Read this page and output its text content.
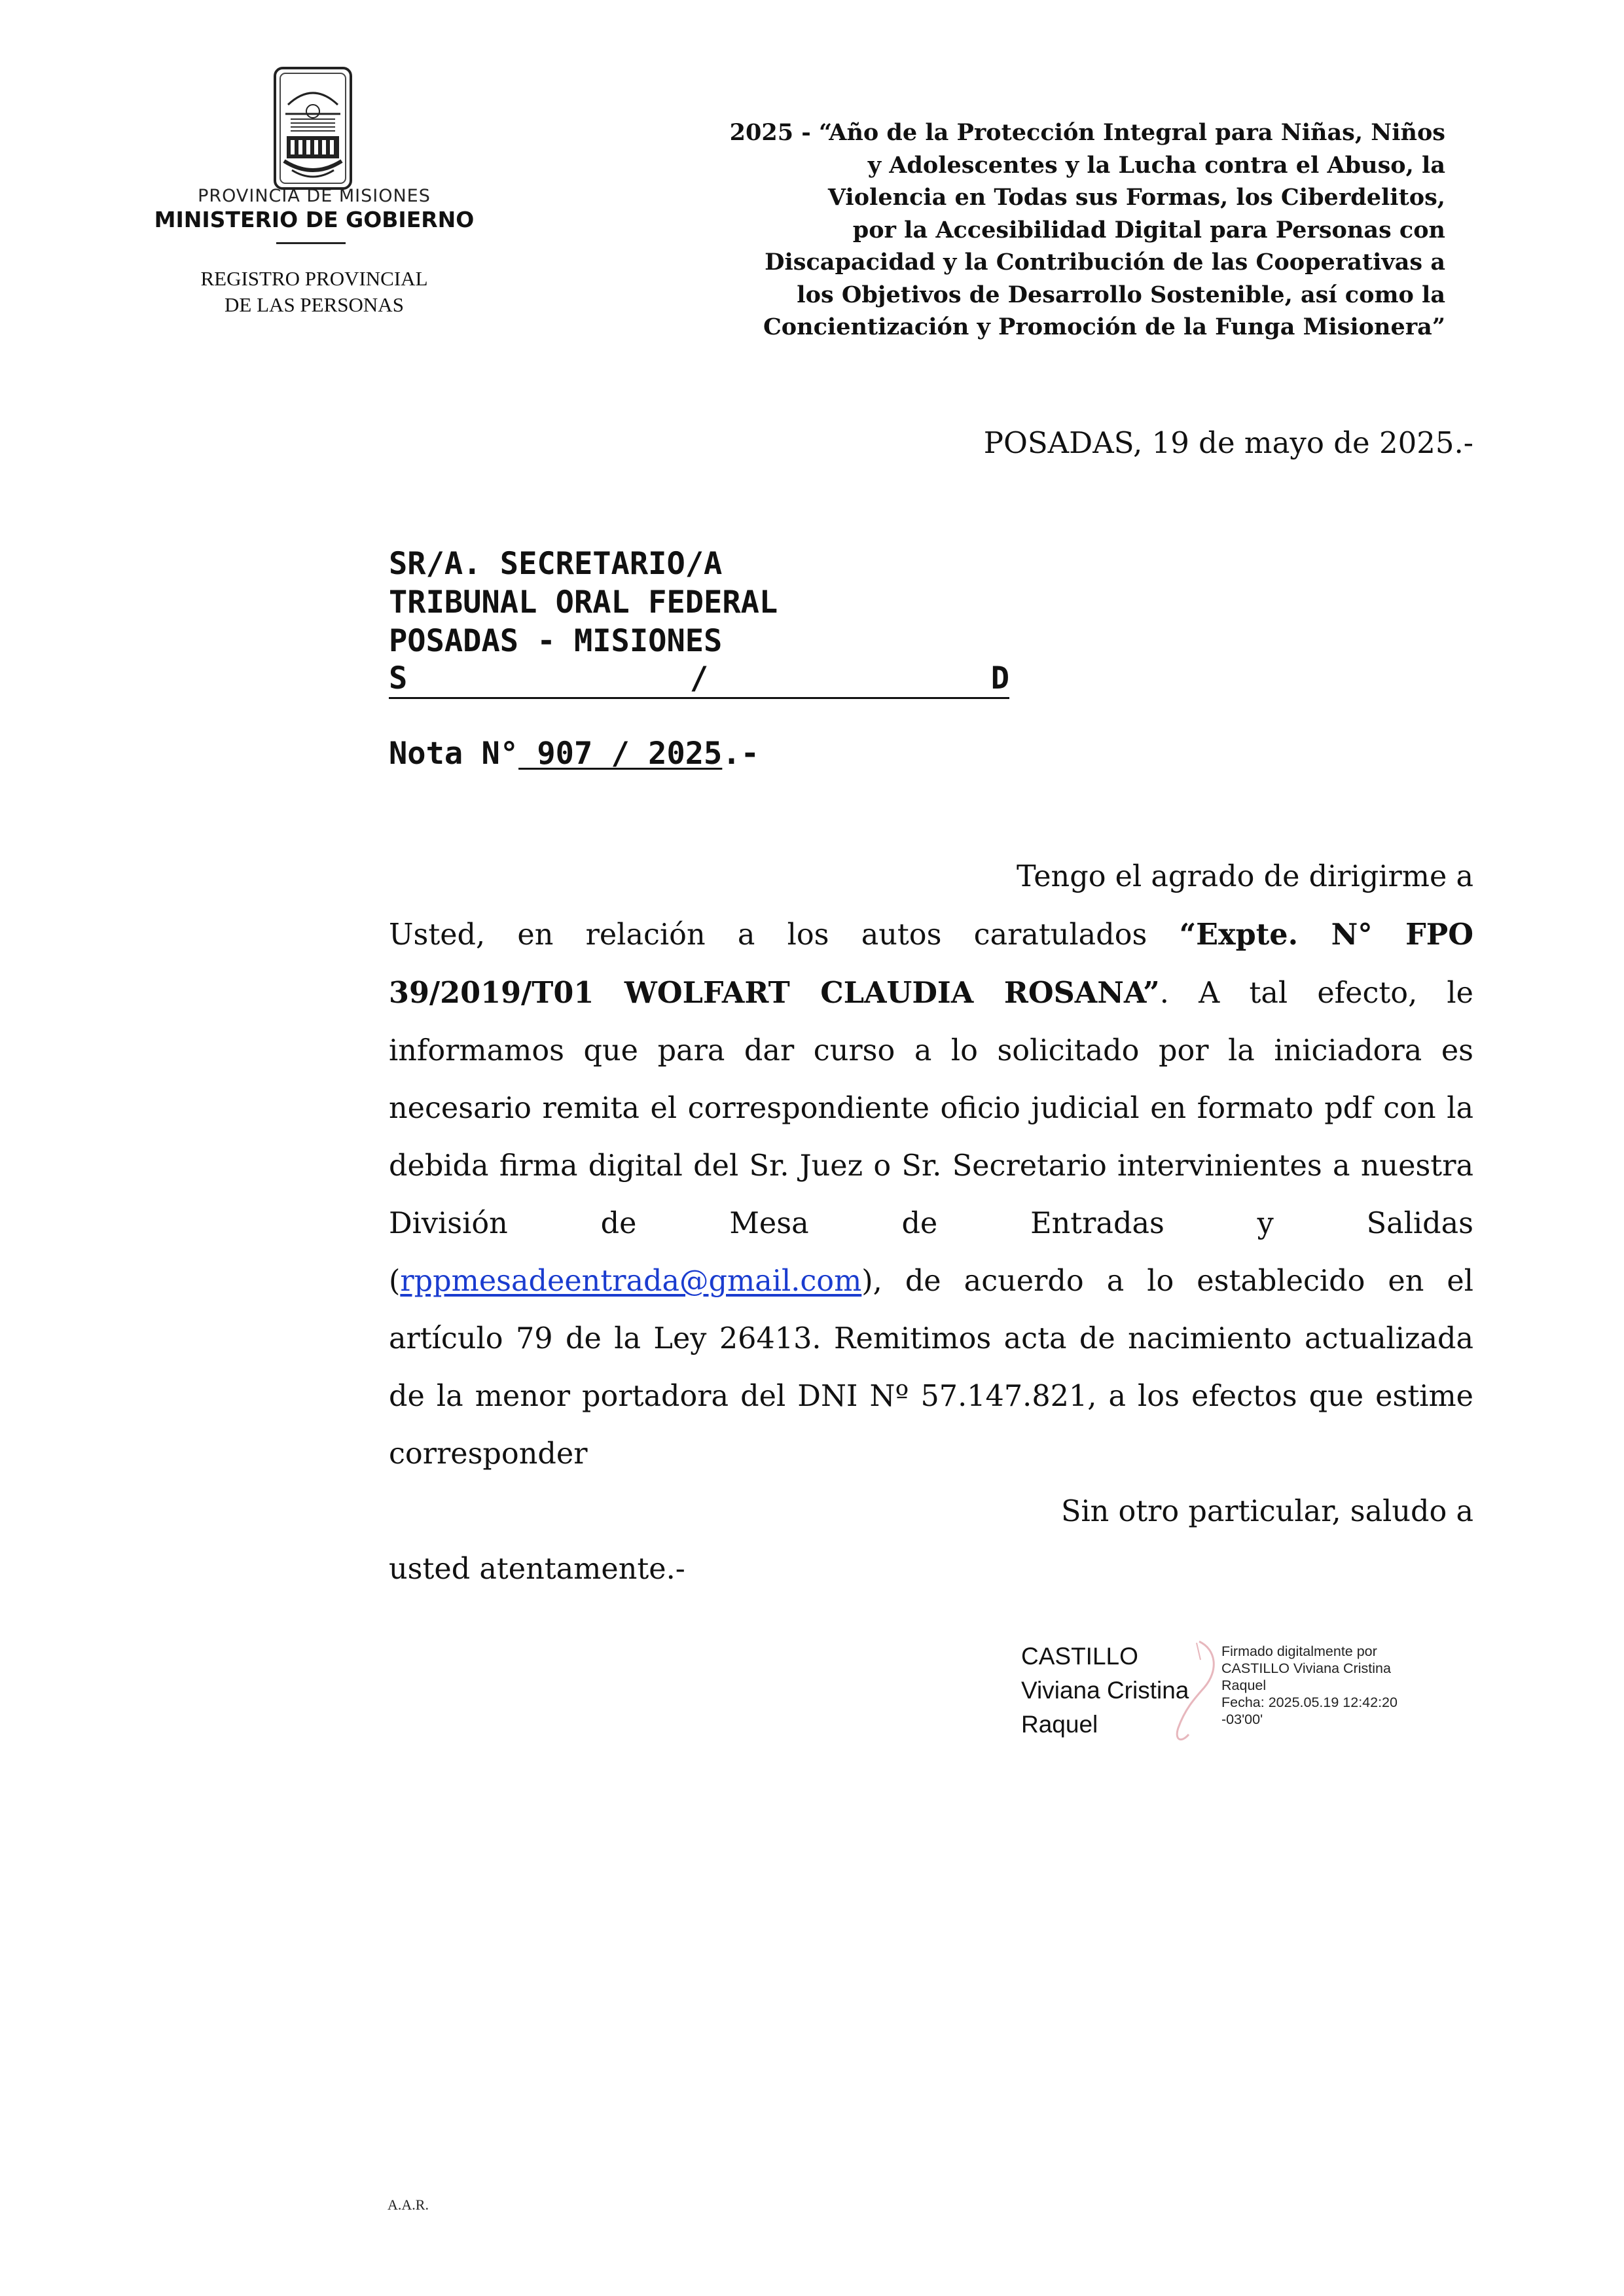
PROVINCIA DE MISIONES
MINISTERIO DE GOBIERNO
REGISTRO PROVINCIAL
DE LAS PERSONAS
2025 - “Año de la Protección Integral para Niñas, Niños
y Adolescentes y la Lucha contra el Abuso, la
Violencia en Todas sus Formas, los Ciberdelitos,
por la Accesibilidad Digital para Personas con
Discapacidad y la Contribución de las Cooperativas a
los Objetivos de Desarrollo Sostenible, así como la
Concientización y Promoción de la Funga Misionera”
POSADAS, 19 de mayo de 2025.-
SR/A. SECRETARIO/A
TRIBUNAL ORAL FEDERAL
POSADAS - MISIONES
S	/	D
Nota N° 907 / 2025.-
Tengo el agrado de dirigirme a
Usted, en relación a los autos caratulados “Expte. N° FPO 39/2019/T01 WOLFART CLAUDIA ROSANA”. A tal efecto, le informamos que para dar curso a lo solicitado por la iniciadora es necesario remita el correspondiente oficio judicial en formato pdf con la debida firma digital del Sr. Juez o Sr. Secretario intervinientes a nuestra División de Mesa de Entradas y Salidas (rppmesadeentrada@gmail.com), de acuerdo a lo establecido en el artículo 79 de la Ley 26413. Remitimos acta de nacimiento actualizada de la menor portadora del DNI Nº 57.147.821, a los efectos que estime corresponder
Sin otro particular, saludo a
usted atentamente.-
CASTILLO
Viviana Cristina
Raquel
Firmado digitalmente por
CASTILLO Viviana Cristina
Raquel
Fecha: 2025.05.19 12:42:20
-03'00'
A.A.R.
